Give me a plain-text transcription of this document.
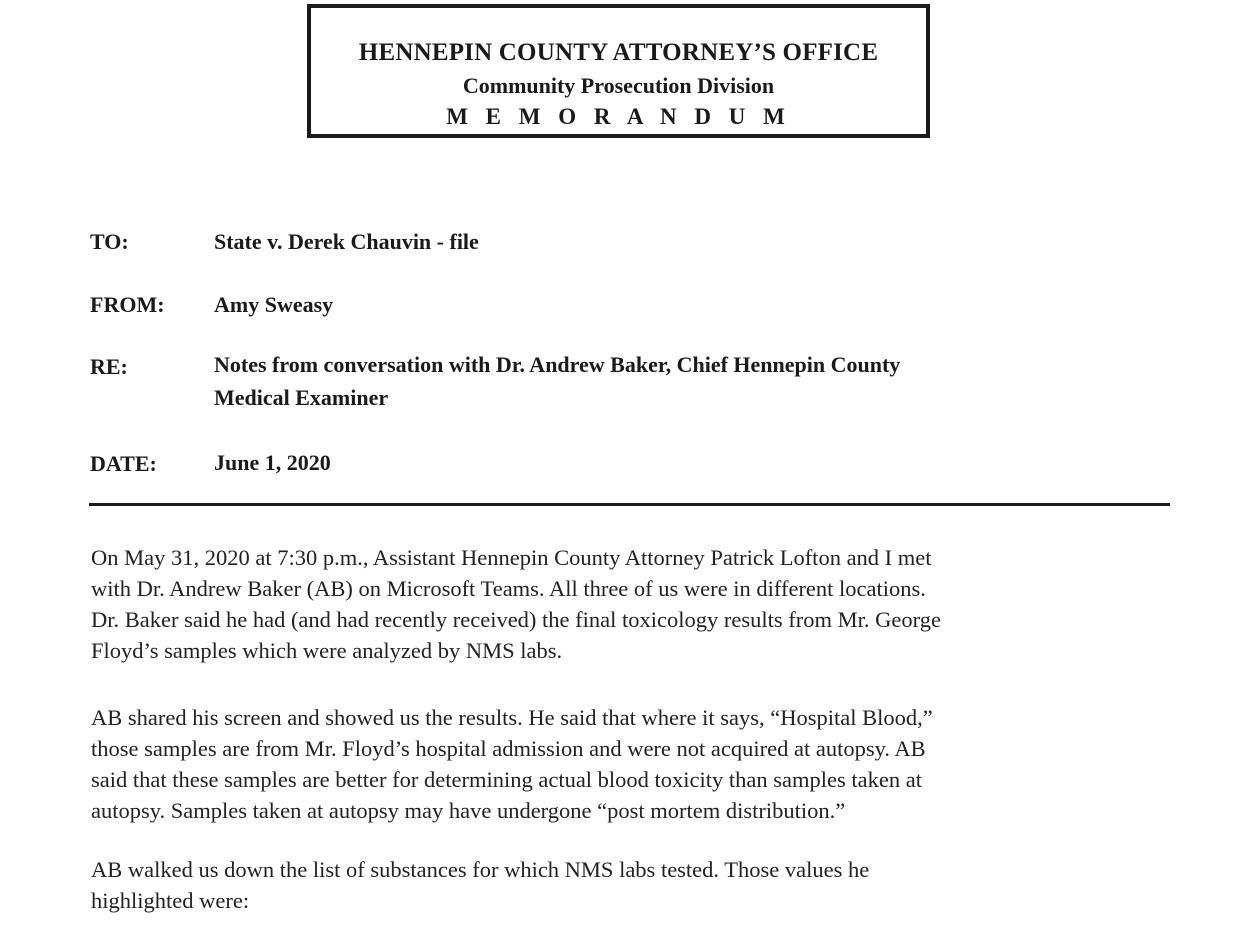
HENNEPIN COUNTY ATTORNEY’S OFFICE
Community Prosecution Division
M E M O R A N D U M
TO:	State v. Derek Chauvin - file
FROM: Amy Sweasy
RE:	Notes from conversation with Dr. Andrew Baker, Chief Hennepin County
Medical Examiner
DATE:	June 1, 2020
On May 31, 2020 at 7:30 p.m., Assistant Hennepin County Attorney Patrick Lofton and I met
with Dr. Andrew Baker (AB) on Microsoft Teams. All three of us were in different locations.
Dr. Baker said he had (and had recently received) the final toxicology results from Mr. George
Floyd’s samples which were analyzed by NMS labs.
AB shared his screen and showed us the results. He said that where it says, “Hospital Blood,”
those samples are from Mr. Floyd’s hospital admission and were not acquired at autopsy. AB
said that these samples are better for determining actual blood toxicity than samples taken at
autopsy. Samples taken at autopsy may have undergone “post mortem distribution.”
AB walked us down the list of substances for which NMS labs tested. Those values he
highlighted were:
